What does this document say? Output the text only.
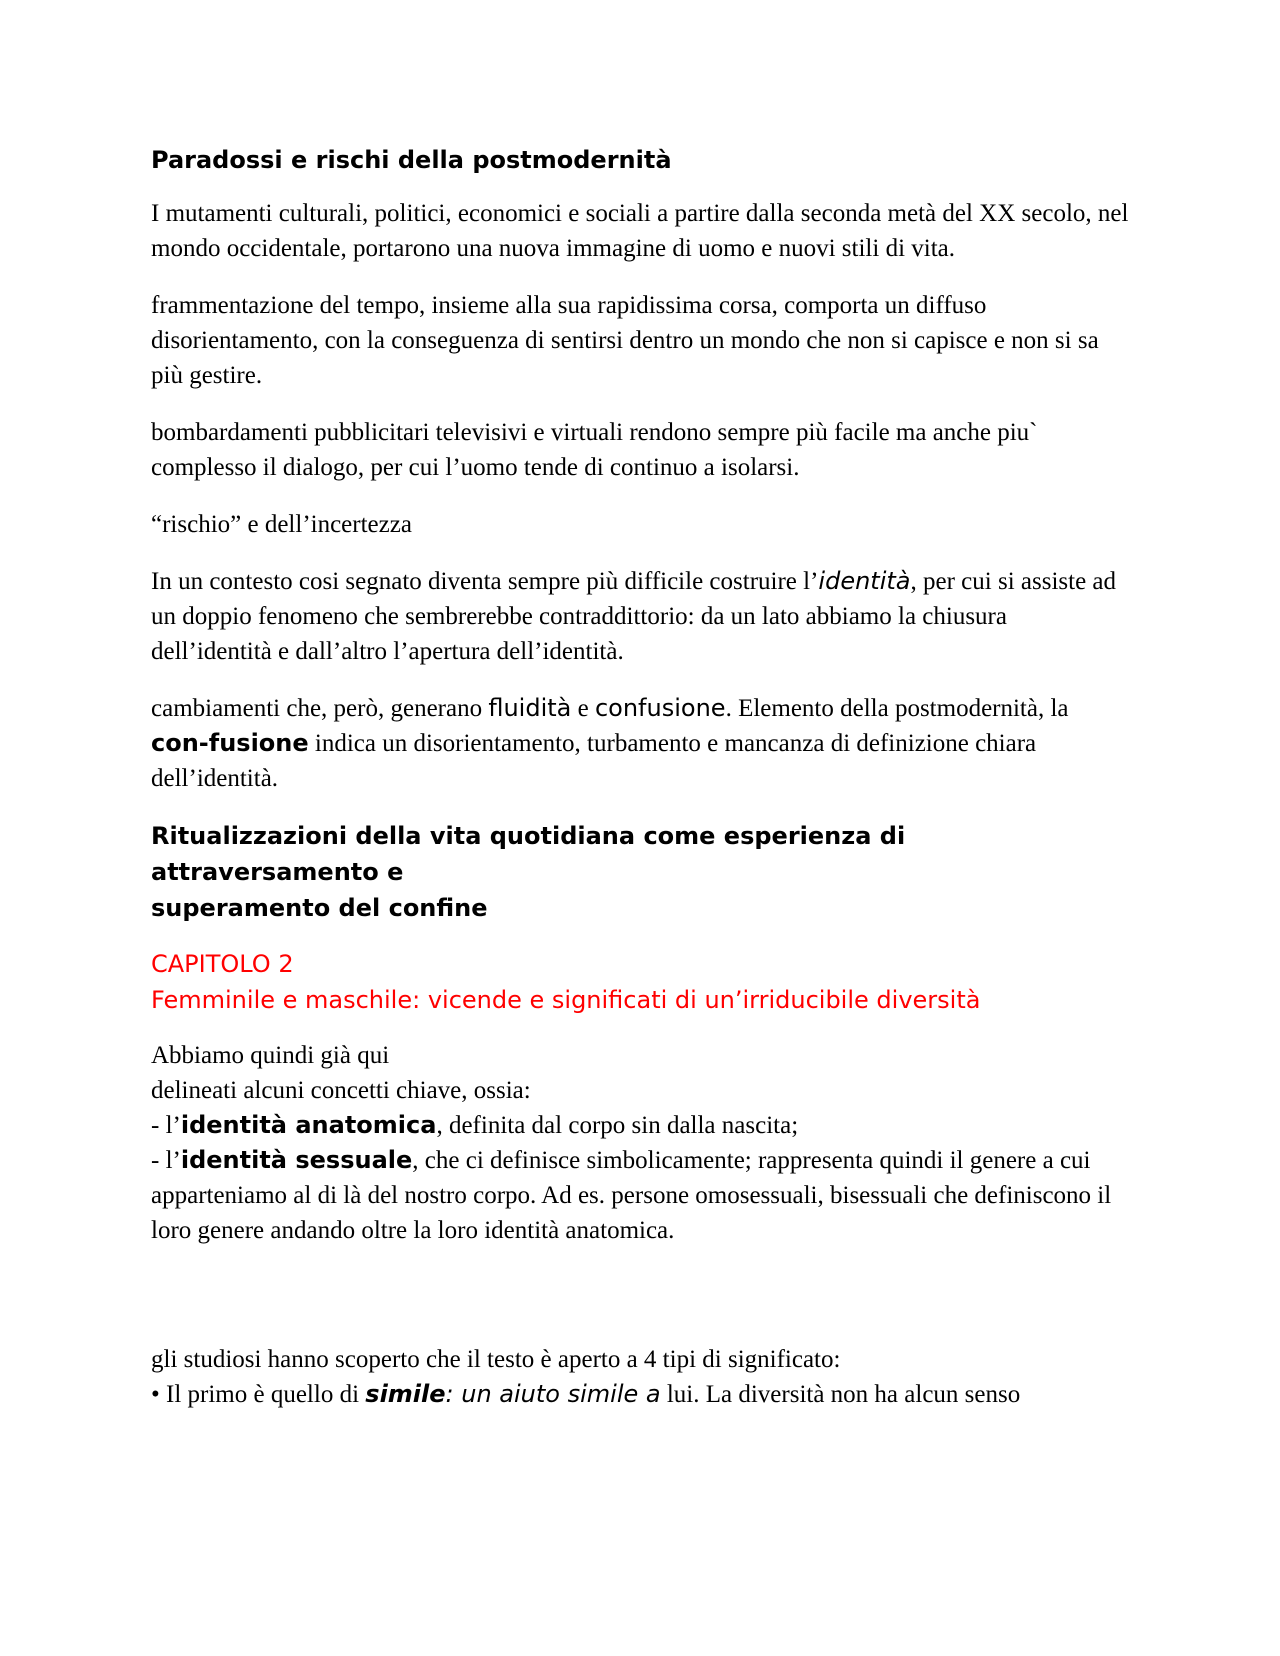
Paradossi e rischi della postmodernità

I mutamenti culturali, politici, economici e sociali a partire dalla seconda metà del XX secolo, nel mondo occidentale, portarono una nuova immagine di uomo e nuovi stili di vita.

frammentazione del tempo, insieme alla sua rapidissima corsa, comporta un diffuso disorientamento, con la conseguenza di sentirsi dentro un mondo che non si capisce e non si sa più gestire.

bombardamenti pubblicitari televisivi e virtuali rendono sempre più facile ma anche piu` complesso il dialogo, per cui l’uomo tende di continuo a isolarsi.

“rischio” e dell’incertezza

In un contesto cosi segnato diventa sempre più difficile costruire l’identità, per cui si assiste ad un doppio fenomeno che sembrerebbe contraddittorio: da un lato abbiamo la chiusura dell’identità e dall’altro l’apertura dell’identità.

cambiamenti che, però, generano fluidità e confusione. Elemento della postmodernità, la con-fusione indica un disorientamento, turbamento e mancanza di definizione chiara dell’identità.

Ritualizzazioni della vita quotidiana come esperienza di attraversamento e
superamento del confine
CAPITOLO 2
Femminile e maschile: vicende e significati di un’irriducibile diversità

Abbiamo quindi già qui
delineati alcuni concetti chiave, ossia:
- l’identità anatomica, definita dal corpo sin dalla nascita;
- l’identità sessuale, che ci definisce simbolicamente; rappresenta quindi il genere a cui
apparteniamo al di là del nostro corpo. Ad es. persone omosessuali, bisessuali che definiscono il loro genere andando oltre la loro identità anatomica.

gli studiosi hanno scoperto che il testo è aperto a 4 tipi di significato:
• Il primo è quello di simile: un aiuto simile a lui. La diversità non ha alcun senso
